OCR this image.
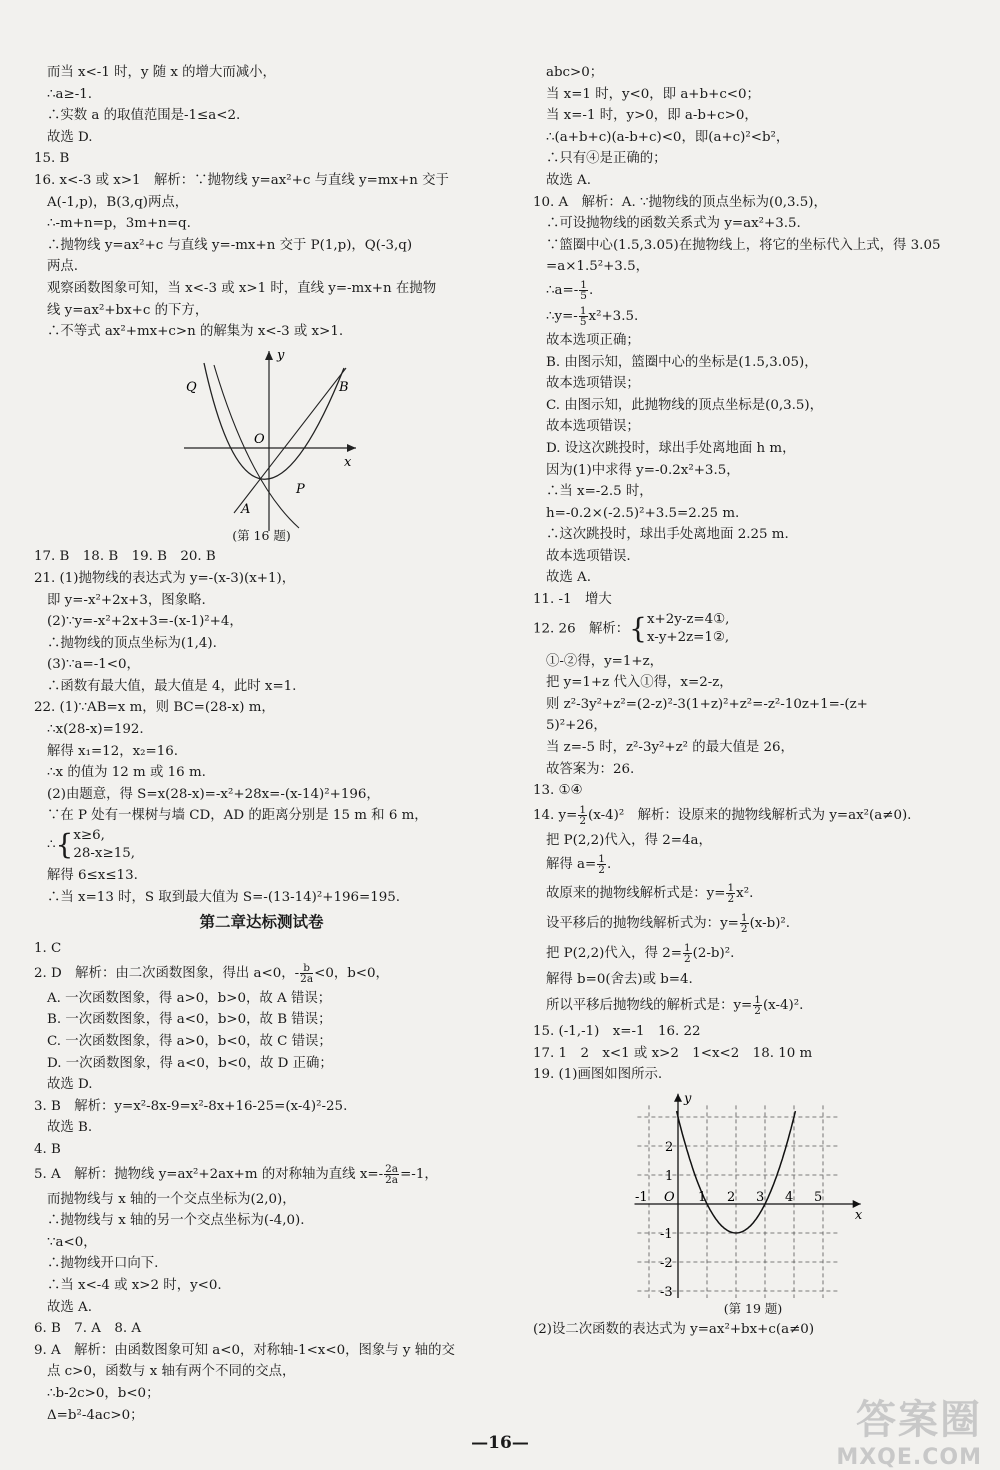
而当 x<-1 时，y 随 x 的增大而减小，
∴a≥-1.
∴实数 a 的取值范围是-1≤a<2.
故选 D.
15. B
16. x<-3 或 x>1　解析：∵抛物线 y=ax²+c 与直线 y=mx+n 交于
A(-1,p)，B(3,q)两点，
∴-m+n=p，3m+n=q.
∴抛物线 y=ax²+c 与直线 y=-mx+n 交于 P(1,p)，Q(-3,q)
两点.
观察函数图象可知，当 x<-3 或 x>1 时，直线 y=-mx+n 在抛物
线 y=ax²+bx+c 的下方，
∴不等式 ax²+mx+c>n 的解集为 x<-3 或 x>1.
y
x
O
Q	B
A
P
(第 16 题)
17. B　18. B　19. B　20. B
21. (1)抛物线的表达式为 y=-(x-3)(x+1)，
即 y=-x²+2x+3，图象略.
(2)∵y=-x²+2x+3=-(x-1)²+4，
∴抛物线的顶点坐标为(1,4).
(3)∵a=-1<0，
∴函数有最大值，最大值是 4，此时 x=1.
22. (1)∵AB=x m，则 BC=(28-x) m，
∴x(28-x)=192.
解得 x₁=12，x₂=16.
∴x 的值为 12 m 或 16 m.
(2)由题意，得 S=x(28-x)=-x²+28x=-(x-14)²+196，
∵在 P 处有一棵树与墙 CD，AD 的距离分别是 15 m 和 6 m，
∴{ x≥6,
28-x≥15,
解得 6≤x≤13.
∴当 x=13 时，S 取到最大值为 S=-(13-14)²+196=195.
第二章达标测试卷
1. C
2. D　解析：由二次函数图象，得出 a<0，- $\frac{b}{2a} <0$，b<0，
A. 一次函数图象，得 a>0，b>0，故 A 错误；
B. 一次函数图象，得 a<0，b>0，故 B 错误；
C. 一次函数图象，得 a>0，b<0，故 C 错误；
D. 一次函数图象，得 a<0，b<0，故 D 正确；
故选 D.
3. B　解析：y=x²-8x-9=x²-8x+16-25=(x-4)²-25.
故选 B.
4. B
5. A　解析：抛物线 y=ax²+2ax+m 的对称轴为直线 $x=- \frac{2a}{2a} =-1$，
而抛物线与 x 轴的一个交点坐标为(2,0)，
∴抛物线与 x 轴的另一个交点坐标为(-4,0).
∵a<0，
∴抛物线开口向下.
∴当 x<-4 或 x>2 时，y<0.
故选 A.
6. B　7. A　8. A
9. A　解析：由函数图象可知 a<0，对称轴-1<x<0，图象与 y 轴的交
点 c>0，函数与 x 轴有两个不同的交点，
∴b-2c>0，b<0；
Δ=b²-4ac>0；
abc>0；
当 x=1 时，y<0，即 a+b+c<0；
当 x=-1 时，y>0，即 a-b+c>0，
∴(a+b+c)(a-b+c)<0，即(a+c)²<b²，
∴只有④是正确的；
故选 A.
10. A　解析：A. ∵抛物线的顶点坐标为(0,3.5)，
∴可设抛物线的函数关系式为 y=ax²+3.5.
∵篮圈中心(1.5,3.05)在抛物线上，将它的坐标代入上式，得 3.05
=a×1.5²+3.5，
∴a=- $\frac{1}{5}$ .
∴y=- $\frac{1}{5} x^2+3.5$.
故本选项正确；
B. 由图示知，篮圈中心的坐标是(1.5,3.05)，
故本选项错误；
C. 由图示知，此抛物线的顶点坐标是(0,3.5)，
故本选项错误；
D. 设这次跳投时，球出手处离地面 h m，
因为(1)中求得 y=-0.2x²+3.5，
∴当 x=-2.5 时，
h=-0.2×(-2.5)²+3.5=2.25 m.
∴这次跳投时，球出手处离地面 2.25 m.
故本选项错误.
故选 A.
11. -1　增大
12. 26　解析：{ x+2y-z=4①,
x-y+2z=1②,
①-②得，y=1+z，
把 y=1+z 代入①得，x=2-z，
则 z²-3y²+z²=(2-z)²-3(1+z)²+z²=-z²-10z+1=-(z+
5)²+26，
当 z=-5 时，z²-3y²+z² 的最大值是 26，
故答案为：26.
13. ①④
14. $y= \frac{1}{2} (x-4)^2$　解析：设原来的抛物线解析式为 y=ax²(a≠0).
把 P(2,2)代入，得 2=4a，
解得 $a= \frac{1}{2}$ .
故原来的抛物线解析式是：$y= \frac{1}{2} x^2$.
设平移后的抛物线解析式为：$y= \frac{1}{2} (x-b)^2$.
把 P(2,2)代入，得 $2= \frac{1}{2} (2-b)^2$.
解得 b=0(舍去)或 b=4.
所以平移后抛物线的解析式是：$y= \frac{1}{2} (x-4)^2$.
15. (-1,-1)　x=-1　16. 22
17. 1　2　x<1 或 x>2　1<x<2　18. 10 m
19. (1)画图如图所示.
y
x
O
-1	1 2 3 4 5
2
1
-1
-2
-3
(第 19 题)
(2)设二次函数的表达式为 y=ax²+bx+c(a≠0)
—16—	答案圈
MXQE.COM
